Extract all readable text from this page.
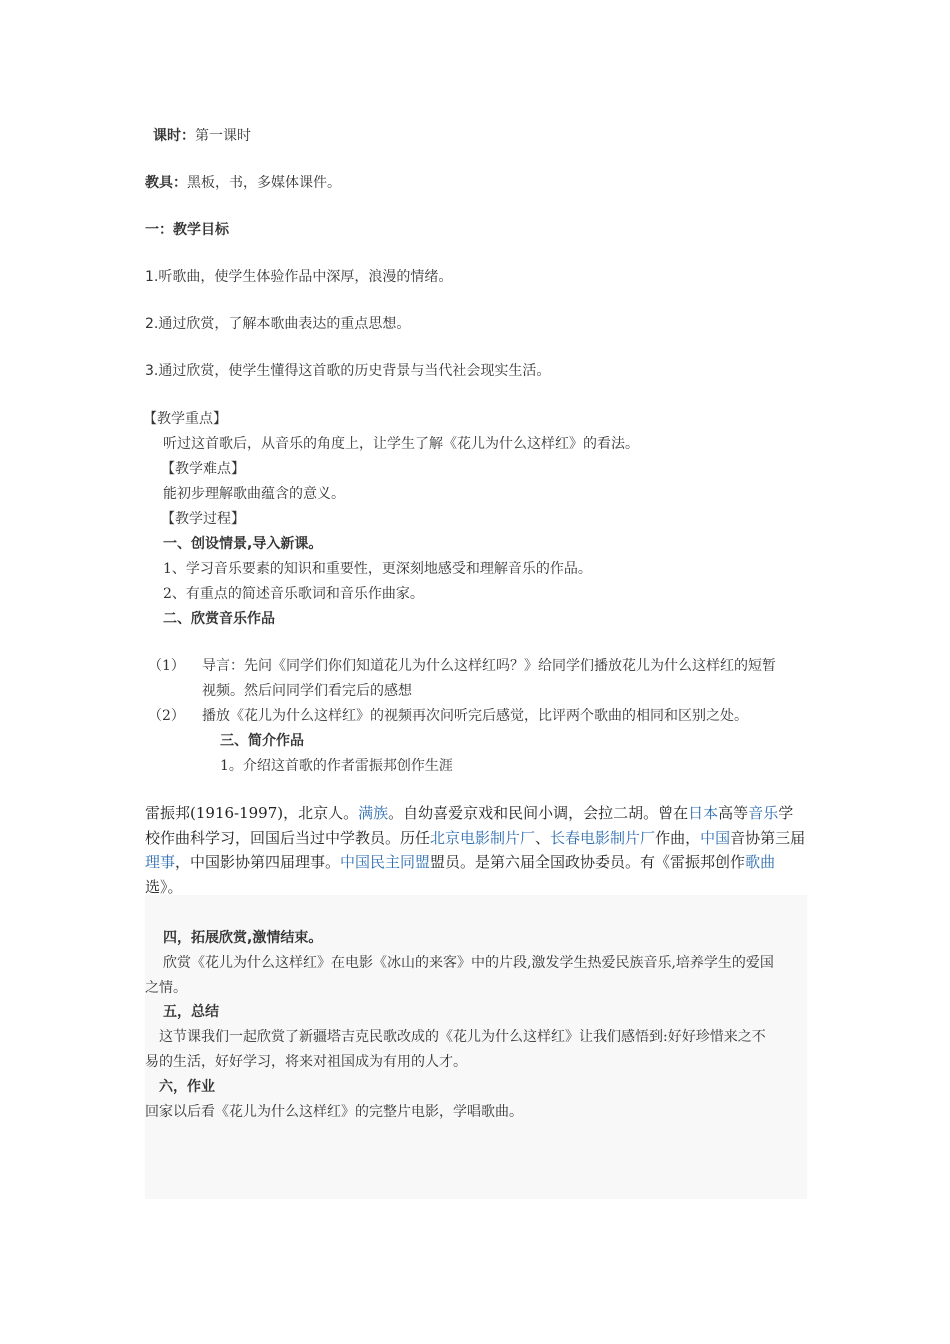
课时：第一课时
教具：黑板，书，多媒体课件。
一：教学目标
1.听歌曲，使学生体验作品中深厚，浪漫的情绪。
2.通过欣赏，了解本歌曲表达的重点思想。
3.通过欣赏，使学生懂得这首歌的历史背景与当代社会现实生活。
【教学重点】
听过这首歌后，从音乐的角度上，让学生了解《花儿为什么这样红》的看法。
【教学难点】
能初步理解歌曲蕴含的意义。
【教学过程】
一、创设情景,导入新课。
1、学习音乐要素的知识和重要性，更深刻地感受和理解音乐的作品。
2、有重点的简述音乐歌词和音乐作曲家。
二、欣赏音乐作品
（1） 导言：先问《同学们你们知道花儿为什么这样红吗？》给同学们播放花儿为什么这样红的短暂
视频。然后问同学们看完后的感想
（2） 播放《花儿为什么这样红》的视频再次问听完后感觉，比评两个歌曲的相同和区别之处。
三、简介作品
1。介绍这首歌的作者雷振邦创作生涯
雷振邦(1916-1997)，北京人。满族。自幼喜爱京戏和民间小调，会拉二胡。曾在日本高等音乐学校作曲科学习，回国后当过中学教员。历任北京电影制片厂、长春电影制片厂作曲，中国音协第三届理事，中国影协第四届理事。中国民主同盟盟员。是第六届全国政协委员。有《雷振邦创作歌曲选》。
四，拓展欣赏,激情结束。
欣赏《花儿为什么这样红》在电影《冰山的来客》中的片段,激发学生热爱民族音乐,培养学生的爱国
之情。
五，总结
这节课我们一起欣赏了新疆塔吉克民歌改成的《花儿为什么这样红》让我们感悟到:好好珍惜来之不
易的生活，好好学习，将来对祖国成为有用的人才。
六，作业
回家以后看《花儿为什么这样红》的完整片电影，学唱歌曲。
